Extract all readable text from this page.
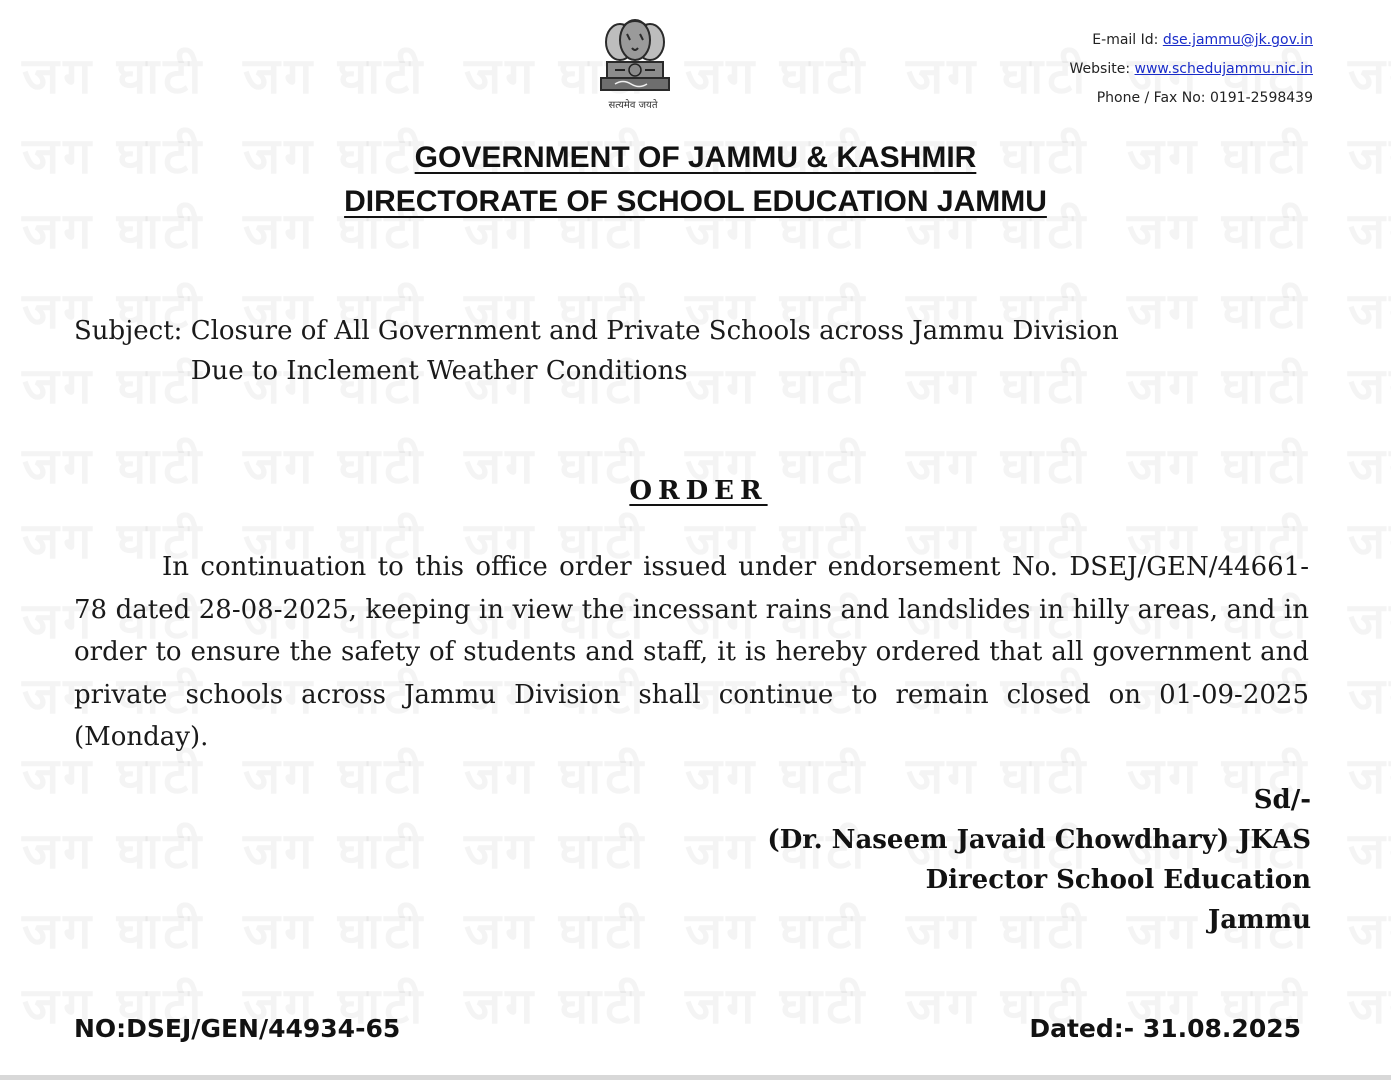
सत्यमेव जयते
E-mail Id: dse.jammu@jk.gov.in
Website: www.schedujammu.nic.in
Phone / Fax No: 0191-2598439
GOVERNMENT OF JAMMU & KASHMIR
DIRECTORATE OF SCHOOL EDUCATION JAMMU
Subject: Closure of All Government and Private Schools across Jammu Division
Due to Inclement Weather Conditions
ORDER
In continuation to this office order issued under endorsement No. DSEJ/GEN/44661-78 dated 28-08-2025, keeping in view the incessant rains and landslides in hilly areas, and in order to ensure the safety of students and staff, it is hereby ordered that all government and private schools across Jammu Division shall continue to remain closed on 01-09-2025 (Monday).
Sd/-
(Dr. Naseem Javaid Chowdhary) JKAS
Director School Education
Jammu
NO:DSEJ/GEN/44934-65	Dated:- 31.08.2025
